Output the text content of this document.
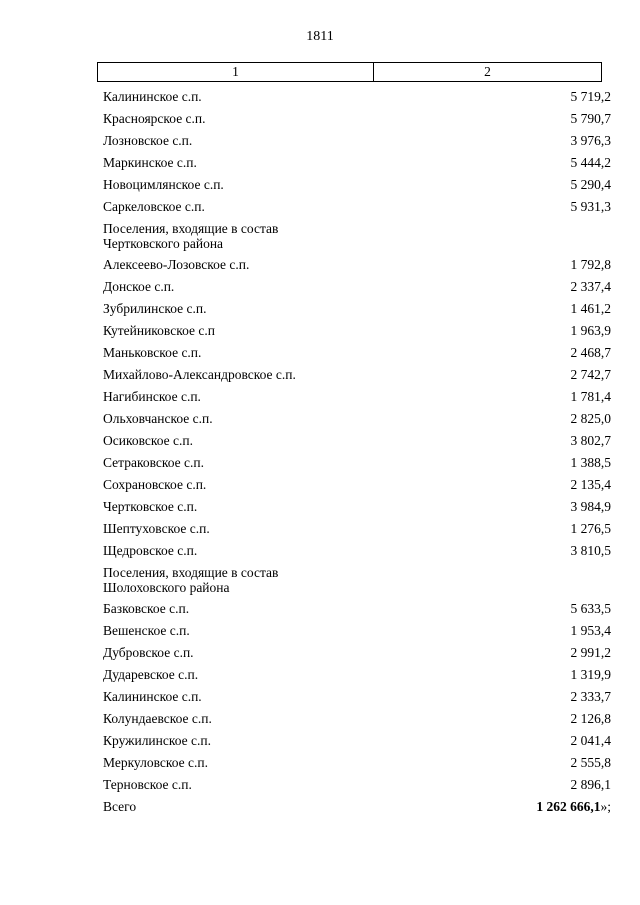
1811
1	2
Калининское с.п.	5 719,2
Красноярское с.п.	5 790,7
Лозновское с.п.	3 976,3
Маркинское с.п.	5 444,2
Новоцимлянское с.п.	5 290,4
Саркеловское с.п.	5 931,3
Поселения, входящие в состав
Чертковского района
Алексеево-Лозовское с.п.	1 792,8
Донское с.п.	2 337,4
Зубрилинское с.п.	1 461,2
Кутейниковское с.п	1 963,9
Маньковское с.п.	2 468,7
Михайлово-Александровское с.п.	2 742,7
Нагибинское с.п.	1 781,4
Ольховчанское с.п.	2 825,0
Осиковское с.п.	3 802,7
Сетраковское с.п.	1 388,5
Сохрановское с.п.	2 135,4
Чертковское с.п.	3 984,9
Шептуховское с.п.	1 276,5
Щедровское с.п.	3 810,5
Поселения, входящие в состав
Шолоховского района
Базковское с.п.	5 633,5
Вешенское с.п.	1 953,4
Дубровское с.п.	2 991,2
Дударевское с.п.	1 319,9
Калининское с.п.	2 333,7
Колундаевское с.п.	2 126,8
Кружилинское с.п.	2 041,4
Меркуловское с.п.	2 555,8
Терновское с.п.	2 896,1
Всего	1 262 666,1»;
